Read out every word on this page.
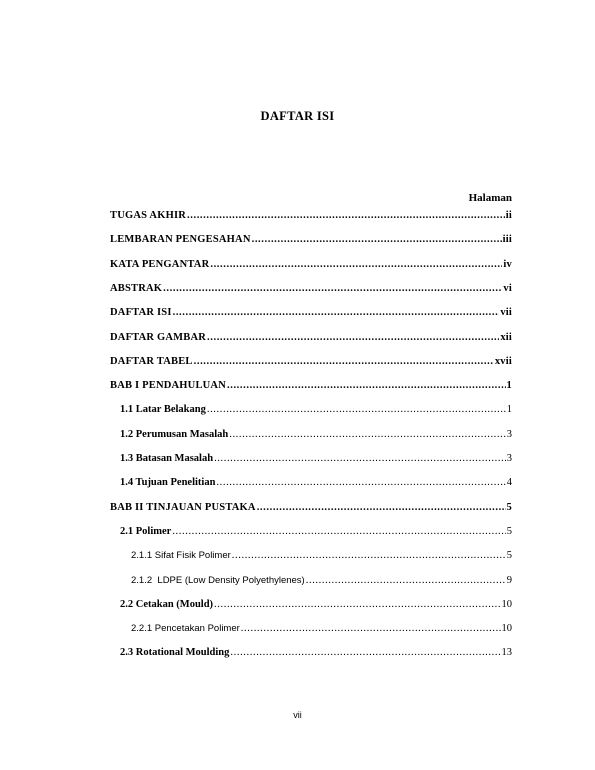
DAFTAR ISI
Halaman
TUGAS AKHIR .....	ii
LEMBARAN PENGESAHAN .....	iii
KATA PENGANTAR .....	iv
ABSTRAK .....	vi
DAFTAR ISI .....	vii
DAFTAR GAMBAR .....	xii
DAFTAR TABEL .....	xvii
BAB I PENDAHULUAN .....	1
1.1 Latar Belakang .....	1
1.2 Perumusan Masalah .....	3
1.3 Batasan Masalah .....	3
1.4 Tujuan Penelitian .....	4
BAB II TINJAUAN PUSTAKA .....	5
2.1 Polimer .....	5
2.1.1 Sifat Fisik Polimer .....	5
2.1.2  LDPE (Low Density Polyethylenes) .....	9
2.2 Cetakan (Mould) .....	10
2.2.1 Pencetakan Polimer .....	10
2.3 Rotational Moulding .....	13
vii
